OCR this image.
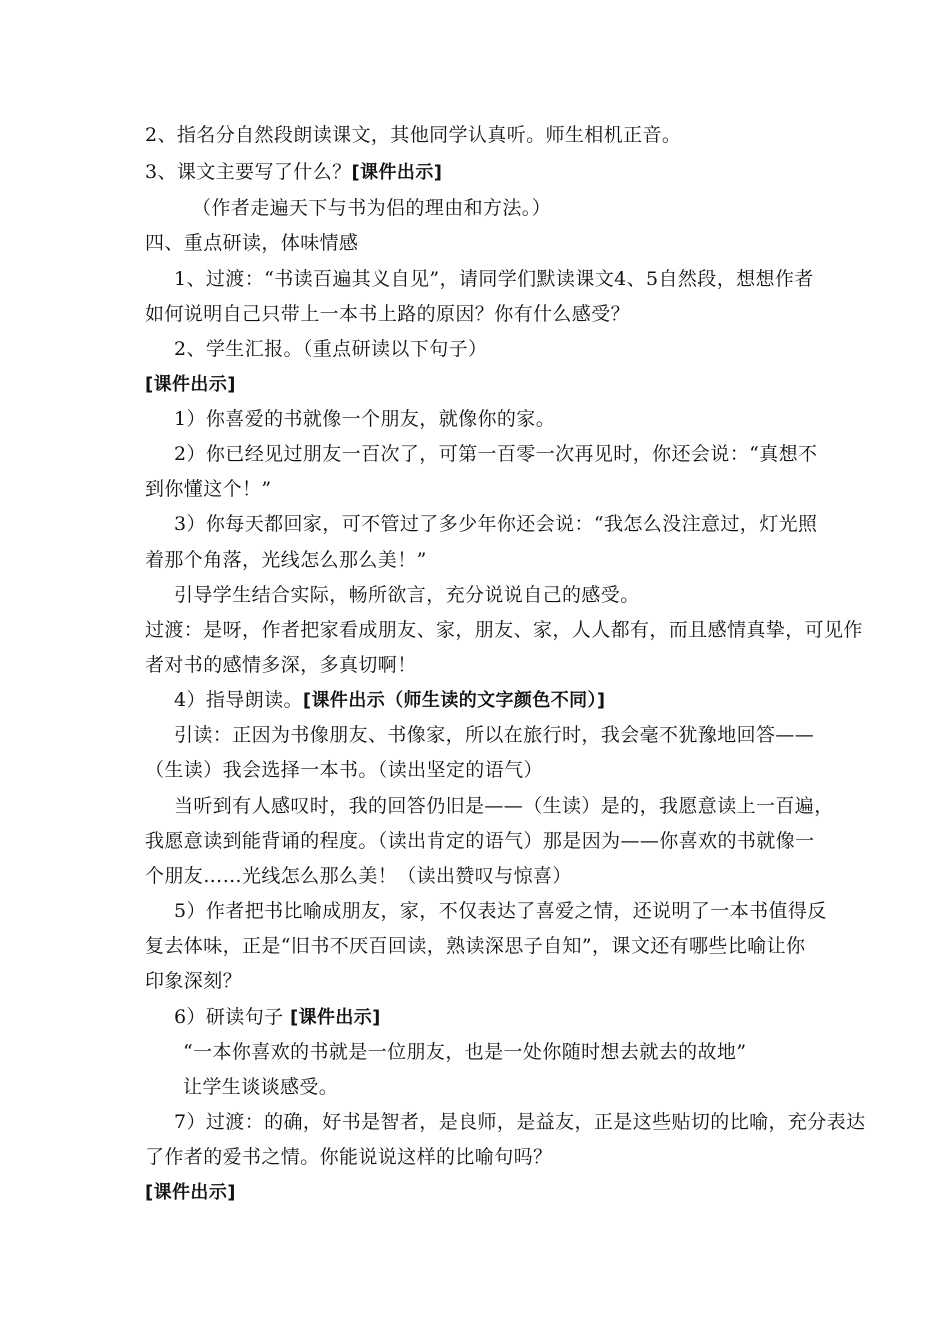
2、指名分自然段朗读课文，其他同学认真听。师生相机正音。
3、课文主要写了什么？[课件出示]
（作者走遍天下与书为侣的理由和方法。）
四、重点研读，体味情感
1、过渡：“书读百遍其义自见”，请同学们默读课文4、5自然段，想想作者
如何说明自己只带上一本书上路的原因？你有什么感受？
2、学生汇报。（重点研读以下句子）
[课件出示]
1）你喜爱的书就像一个朋友，就像你的家。
2）你已经见过朋友一百次了，可第一百零一次再见时，你还会说：“真想不
到你懂这个！”
3）你每天都回家，可不管过了多少年你还会说：“我怎么没注意过，灯光照
着那个角落，光线怎么那么美！”
引导学生结合实际，畅所欲言，充分说说自己的感受。
过渡：是呀，作者把家看成朋友、家，朋友、家，人人都有，而且感情真挚，可见作
者对书的感情多深，多真切啊！
4）指导朗读。[课件出示（师生读的文字颜色不同）]
引读：正因为书像朋友、书像家，所以在旅行时，我会毫不犹豫地回答——
（生读）我会选择一本书。（读出坚定的语气）
当听到有人感叹时，我的回答仍旧是——（生读）是的，我愿意读上一百遍，
我愿意读到能背诵的程度。（读出肯定的语气）那是因为——你喜欢的书就像一
个朋友……光线怎么那么美！（读出赞叹与惊喜）
5）作者把书比喻成朋友，家，不仅表达了喜爱之情，还说明了一本书值得反
复去体味，正是“旧书不厌百回读，熟读深思子自知”，课文还有哪些比喻让你
印象深刻？
6）研读句子 [课件出示]
“一本你喜欢的书就是一位朋友，也是一处你随时想去就去的故地”
让学生谈谈感受。
7）过渡：的确，好书是智者，是良师，是益友，正是这些贴切的比喻，充分表达
了作者的爱书之情。你能说说这样的比喻句吗？
[课件出示]
